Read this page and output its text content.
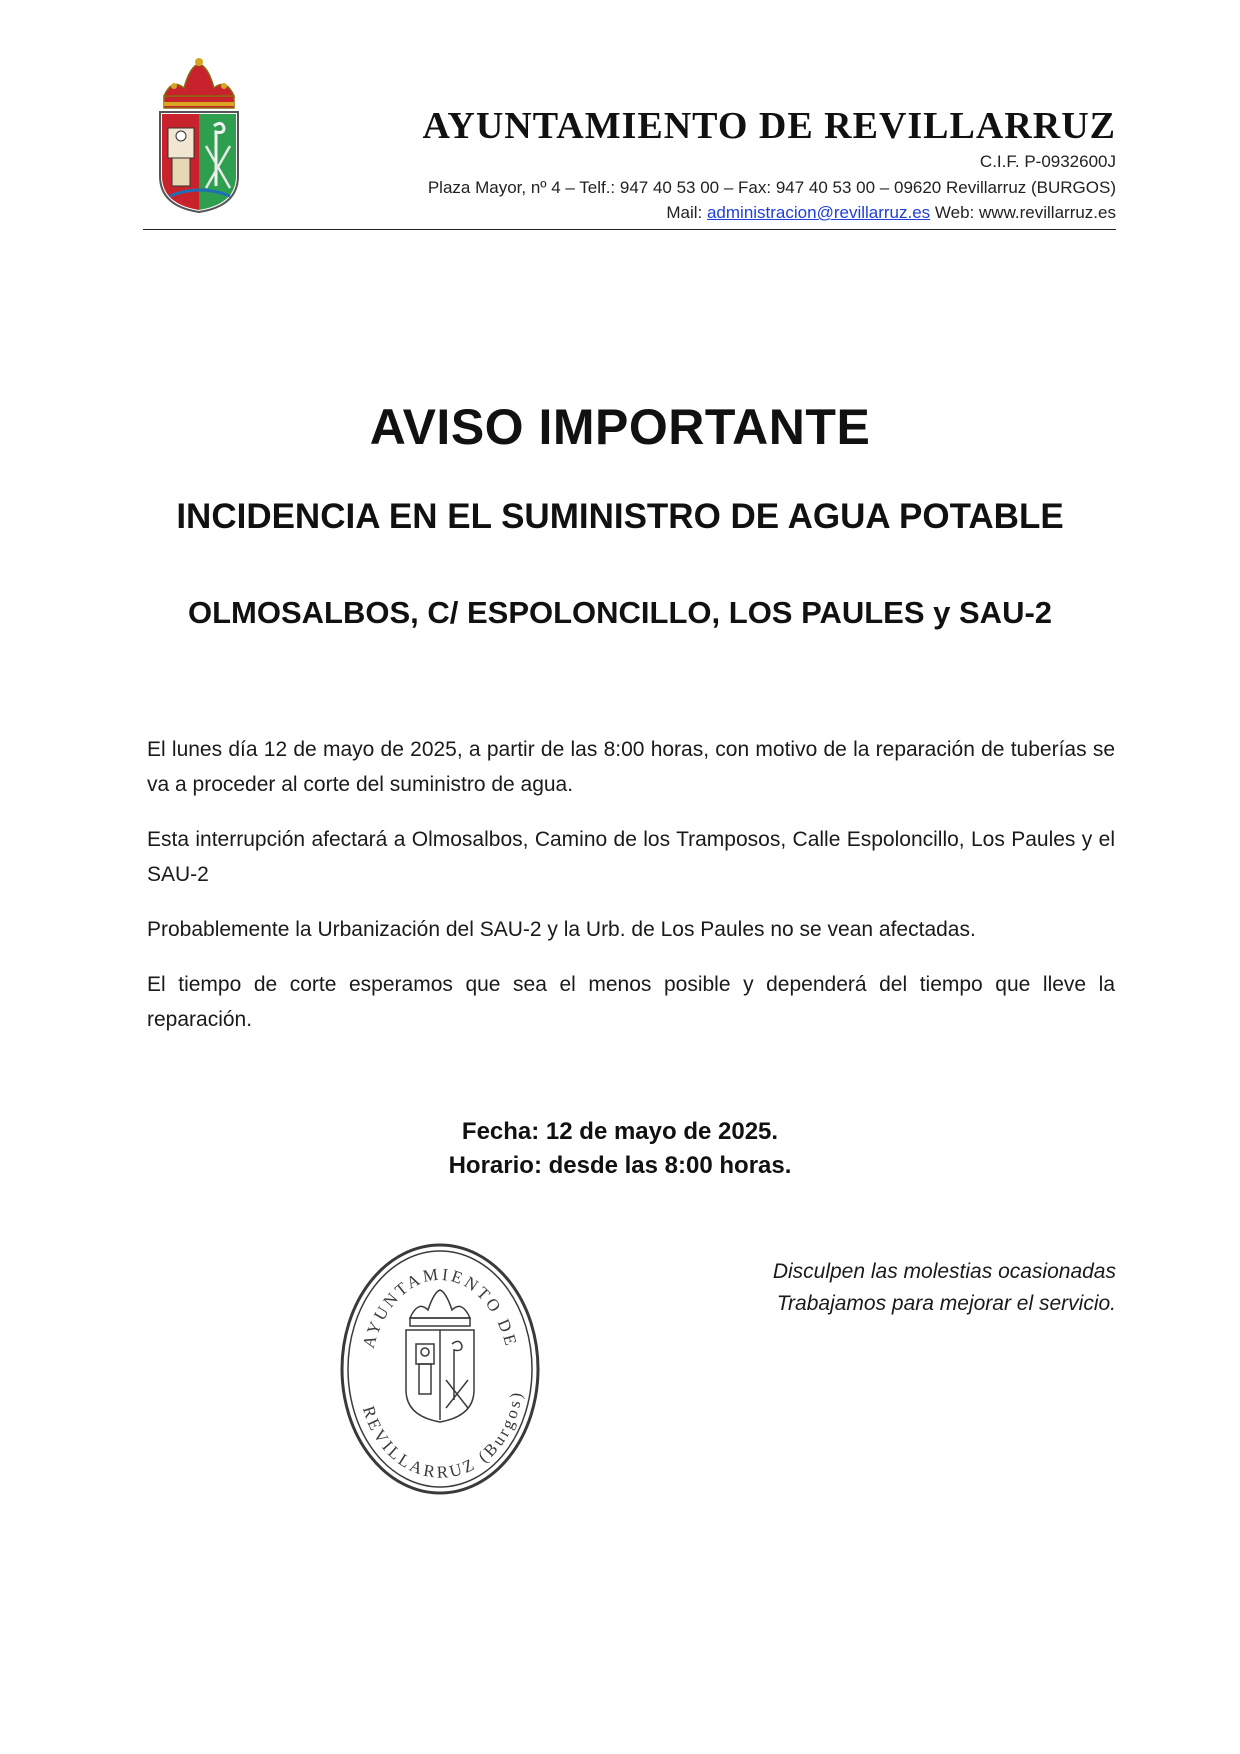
AYUNTAMIENTO DE REVILLARRUZ

C.I.F. P-0932600J

Plaza Mayor, nº 4 – Telf.: 947 40 53 00 – Fax: 947 40 53 00 – 09620 Revillarruz (BURGOS)

Mail: administracion@revillarruz.es Web: www.revillarruz.es

AVISO IMPORTANTE
INCIDENCIA EN EL SUMINISTRO DE AGUA POTABLE
OLMOSALBOS, C/ ESPOLONCILLO, LOS PAULES y SAU-2

El lunes día 12 de mayo de 2025, a partir de las 8:00 horas, con motivo de la reparación de tuberías se va a proceder al corte del suministro de agua.

Esta interrupción afectará a Olmosalbos, Camino de los Tramposos, Calle Espoloncillo, Los Paules y el SAU-2

Probablemente la Urbanización del SAU-2 y la Urb. de Los Paules no se vean afectadas.

El tiempo de corte esperamos que sea el menos posible y dependerá del tiempo que lleve la reparación.

Fecha: 12 de mayo de 2025.

Horario: desde las 8:00 horas.

Disculpen las molestias ocasionadas

Trabajamos para mejorar el servicio.

AYUNTAMIENTO DE
REVILLARRUZ (Burgos)
